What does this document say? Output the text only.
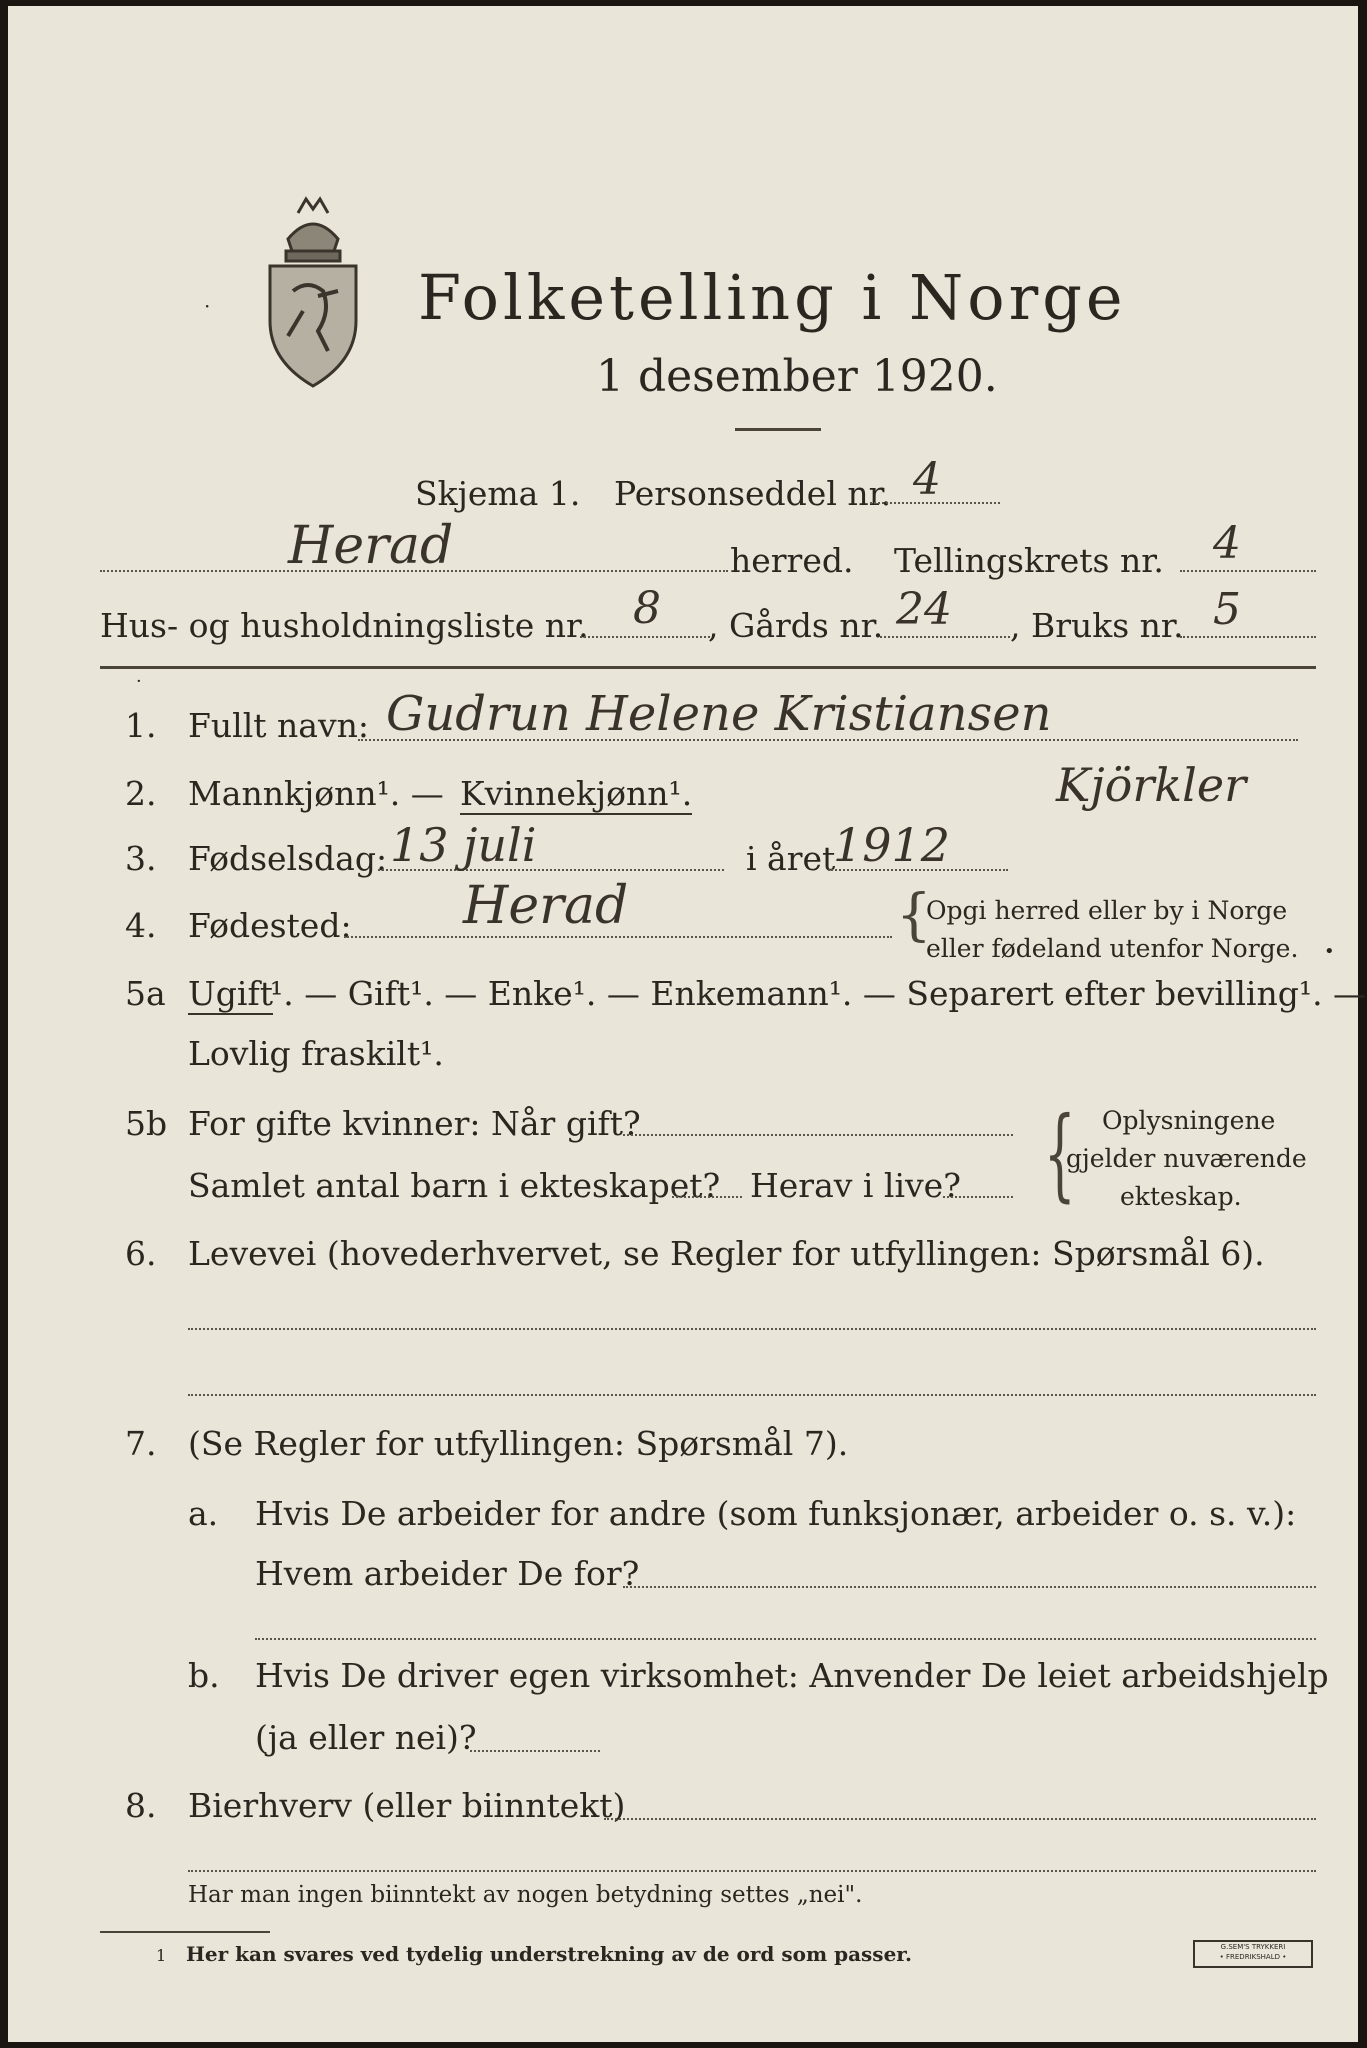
·	Folketelling i Norge
1 desember 1920.
Skjema 1. Personseddel nr. 4
Herad	herred. Tellingskrets nr. 4
Hus- og husholdningsliste nr. 8 , Gårds nr. 24 , Bruks nr. 5
·
1. Fullt navn: Gudrun Helene Kristiansen
2. Mannkjønn¹. — Kvinnekjønn¹.	Kjörkler
3. Fødselsdag: 13 juli	i året
1912
4. Fødested: Herad	{
Opgi herred eller by i Norge
eller fødeland utenfor Norge. •
5a Ugift
¹. — Gift¹. — Enke¹. — Enkemann¹. — Separert efter bevilling¹. —
Lovlig fraskilt¹.
5b For gifte kvinner: Når gift?
Samlet antal barn i ekteskapet? Herav i live? { Oplysningene
gjelder nuværende
ekteskap.
6. Levevei (hovederhvervet, se Regler for utfyllingen: Spørsmål 6).
7. (Se Regler for utfyllingen: Spørsmål 7).
a. Hvis De arbeider for andre (som funksjonær, arbeider o. s. v.):
Hvem arbeider De for?
b. Hvis De driver egen virksomhet: Anvender De leiet arbeidshjelp
(ja eller nei)?
8. Bierhverv (eller biinntekt)
Har man ingen biinntekt av nogen betydning settes „nei".
1 Her kan svares ved tydelig understrekning av de ord som passer.	G.SEM'S TRYKKERI
• FREDRIKSHALD •
